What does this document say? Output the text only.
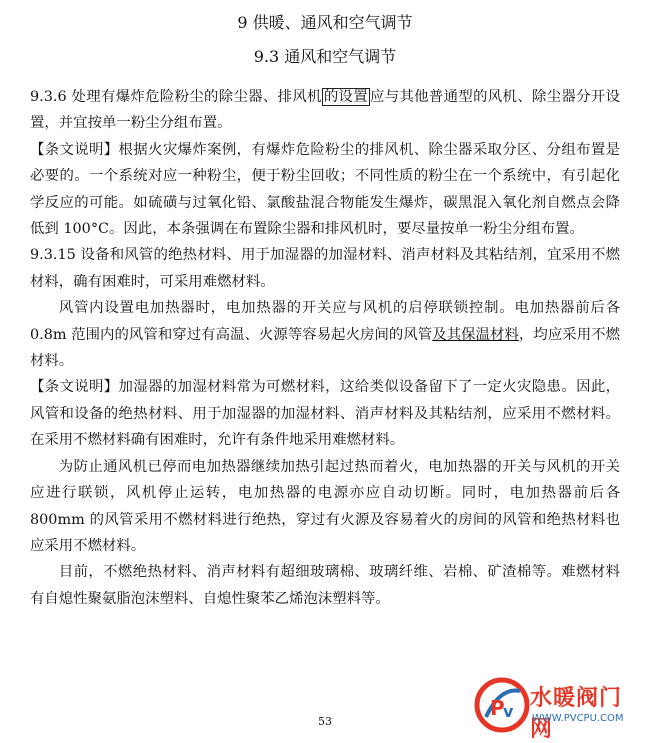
9 供暖、通风和空气调节
9.3 通风和空气调节

9.3.6 处理有爆炸危险粉尘的除尘器、排风机 的设置 应与其他普通型的风机、除尘器分开设置，并宜按单一粉尘分组布置。

【条文说明】根据火灾爆炸案例，有爆炸危险粉尘的排风机、除尘器采取分区、分组布置是必要的。一个系统对应一种粉尘，便于粉尘回收；不同性质的粉尘在一个系统中，有引起化学反应的可能。如硫磺与过氧化铅、氯酸盐混合物能发生爆炸，碳黑混入氧化剂自燃点会降低到 100°C。因此，本条强调在布置除尘器和排风机时，要尽量按单一粉尘分组布置。

9.3.15 设备和风管的绝热材料、用于加湿器的加湿材料、消声材料及其粘结剂，宜采用不燃材料，确有困难时，可采用难燃材料。

风管内设置电加热器时，电加热器的开关应与风机的启停联锁控制。电加热器前后各 0.8m 范围内的风管和穿过有高温、火源等容易起火房间的风管及其保温材料，均应采用不燃材料。

【条文说明】加湿器的加湿材料常为可燃材料，这给类似设备留下了一定火灾隐患。因此，风管和设备的绝热材料、用于加湿器的加湿材料、消声材料及其粘结剂，应采用不燃材料。在采用不燃材料确有困难时，允许有条件地采用难燃材料。

为防止通风机已停而电加热器继续加热引起过热而着火，电加热器的开关与风机的开关应进行联锁，风机停止运转，电加热器的电源亦应自动切断。同时，电加热器前后各 800mm 的风管采用不燃材料进行绝热，穿过有火源及容易着火的房间的风管和绝热材料也应采用不燃材料。

目前，不燃绝热材料、消声材料有超细玻璃棉、玻璃纤维、岩棉、矿渣棉等。难燃材料有自熄性聚氨脂泡沫塑料、自熄性聚苯乙烯泡沫塑料等。

53
P
v
水暖阀门网
WWW.PVCPU.COM
